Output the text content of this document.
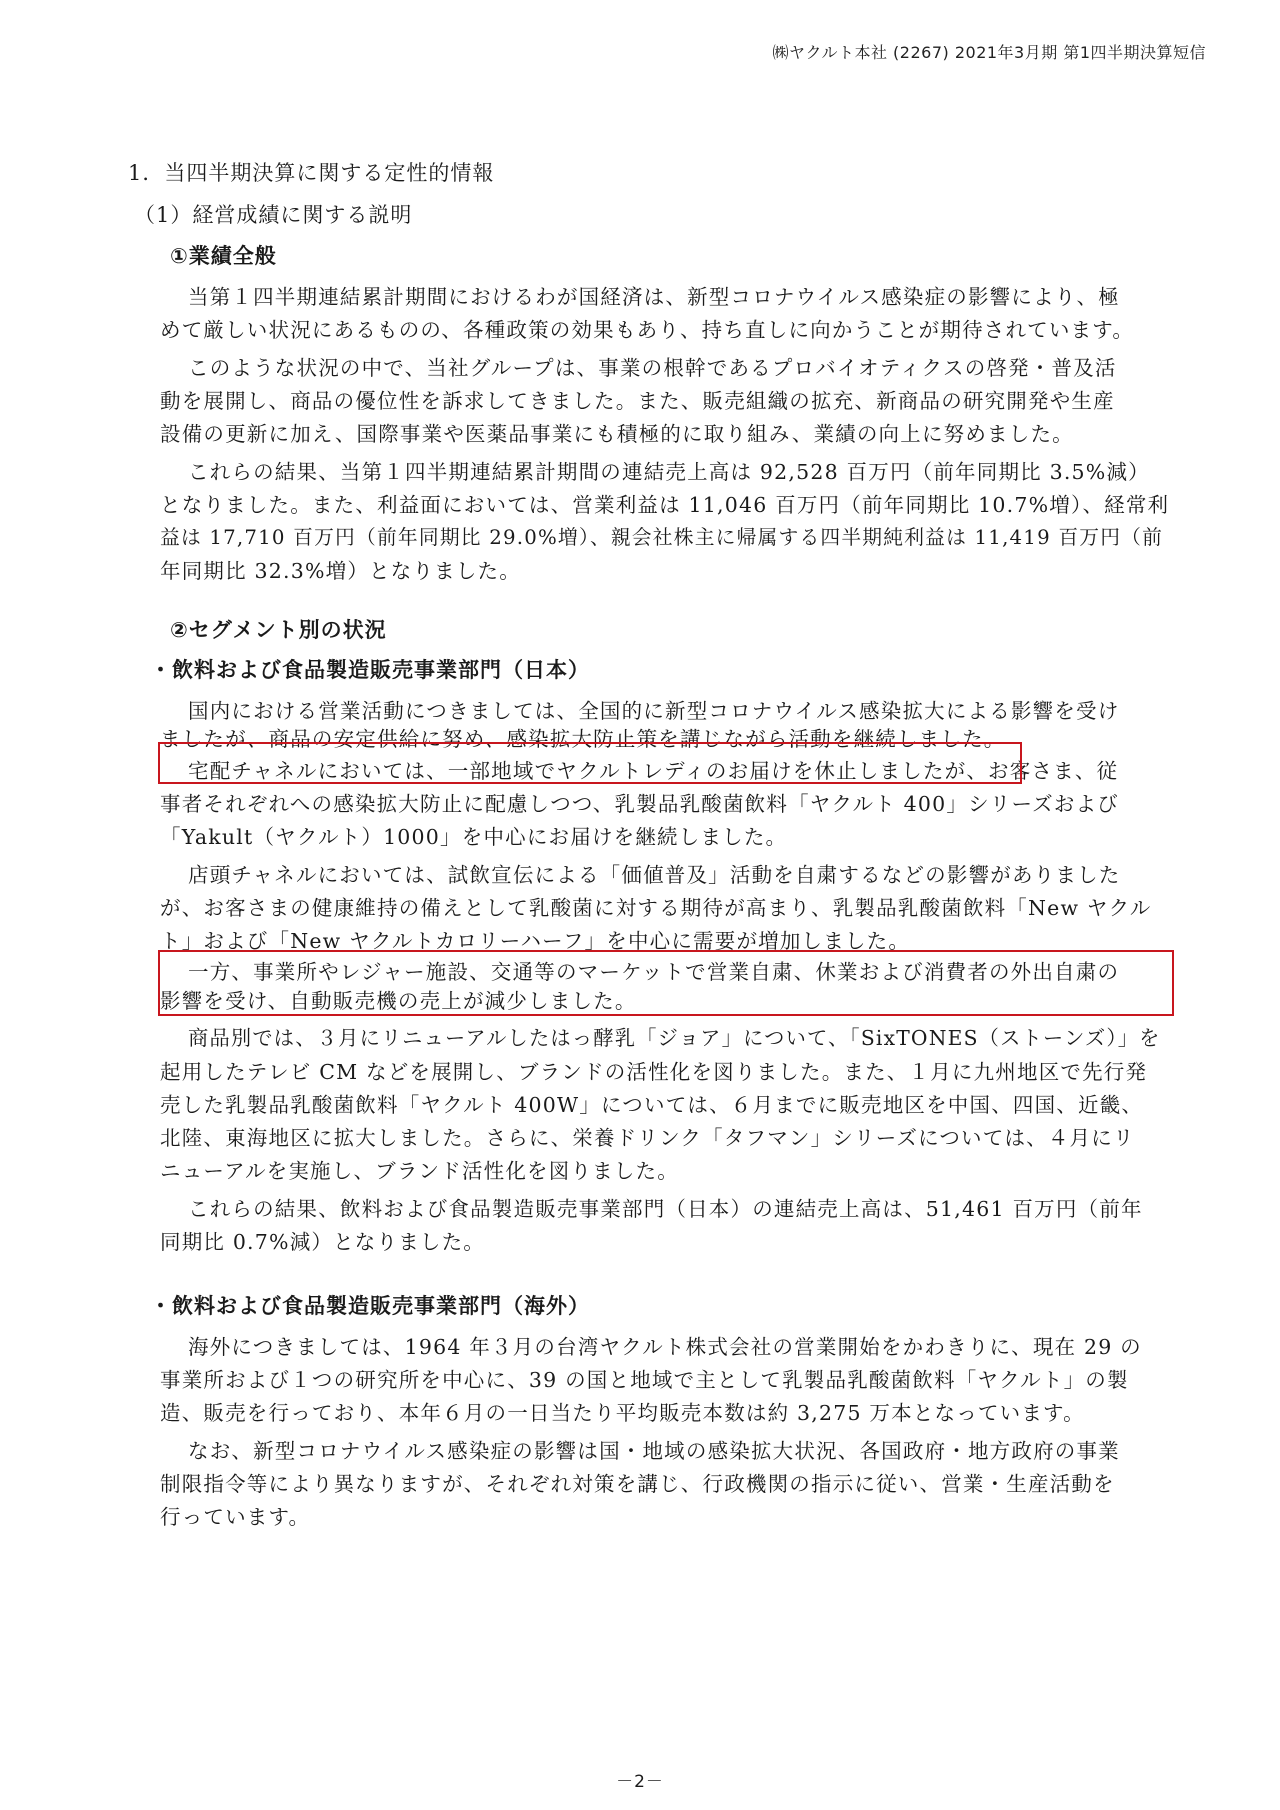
㈱ヤクルト本社 (2267) 2021年3月期 第1四半期決算短信
1．当四半期決算に関する定性的情報
（1）経営成績に関する説明
①業績全般
当第１四半期連結累計期間におけるわが国経済は、新型コロナウイルス感染症の影響により、極
めて厳しい状況にあるものの、各種政策の効果もあり、持ち直しに向かうことが期待されています。
このような状況の中で、当社グループは、事業の根幹であるプロバイオティクスの啓発・普及活
動を展開し、商品の優位性を訴求してきました。また、販売組織の拡充、新商品の研究開発や生産
設備の更新に加え、国際事業や医薬品事業にも積極的に取り組み、業績の向上に努めました。
これらの結果、当第１四半期連結累計期間の連結売上高は 92,528 百万円（前年同期比 3.5%減）
となりました。また、利益面においては、営業利益は 11,046 百万円（前年同期比 10.7%増）、経常利
益は 17,710 百万円（前年同期比 29.0%増）、親会社株主に帰属する四半期純利益は 11,419 百万円（前
年同期比 32.3%増）となりました。
②セグメント別の状況
・飲料および食品製造販売事業部門（日本）
国内における営業活動につきましては、全国的に新型コロナウイルス感染拡大による影響を受け
ましたが、商品の安定供給に努め、感染拡大防止策を講じながら活動を継続しました。
宅配チャネルにおいては、一部地域でヤクルトレディのお届けを休止しましたが、お客さま、従
事者それぞれへの感染拡大防止に配慮しつつ、乳製品乳酸菌飲料「ヤクルト 400」シリーズおよび
「Yakult（ヤクルト）1000」を中心にお届けを継続しました。
店頭チャネルにおいては、試飲宣伝による「価値普及」活動を自粛するなどの影響がありました
が、お客さまの健康維持の備えとして乳酸菌に対する期待が高まり、乳製品乳酸菌飲料「New ヤクル
ト」および「New ヤクルトカロリーハーフ」を中心に需要が増加しました。
一方、事業所やレジャー施設、交通等のマーケットで営業自粛、休業および消費者の外出自粛の
影響を受け、自動販売機の売上が減少しました。
商品別では、３月にリニューアルしたはっ酵乳「ジョア」について、「SixTONES（ストーンズ）」を
起用したテレビ CM などを展開し、ブランドの活性化を図りました。また、１月に九州地区で先行発
売した乳製品乳酸菌飲料「ヤクルト 400W」については、６月までに販売地区を中国、四国、近畿、
北陸、東海地区に拡大しました。さらに、栄養ドリンク「タフマン」シリーズについては、４月にリ
ニューアルを実施し、ブランド活性化を図りました。
これらの結果、飲料および食品製造販売事業部門（日本）の連結売上高は、51,461 百万円（前年
同期比 0.7%減）となりました。
・飲料および食品製造販売事業部門（海外）
海外につきましては、1964 年３月の台湾ヤクルト株式会社の営業開始をかわきりに、現在 29 の
事業所および１つの研究所を中心に、39 の国と地域で主として乳製品乳酸菌飲料「ヤクルト」の製
造、販売を行っており、本年６月の一日当たり平均販売本数は約 3,275 万本となっています。
なお、新型コロナウイルス感染症の影響は国・地域の感染拡大状況、各国政府・地方政府の事業
制限指令等により異なりますが、それぞれ対策を講じ、行政機関の指示に従い、営業・生産活動を
行っています。
－2－
